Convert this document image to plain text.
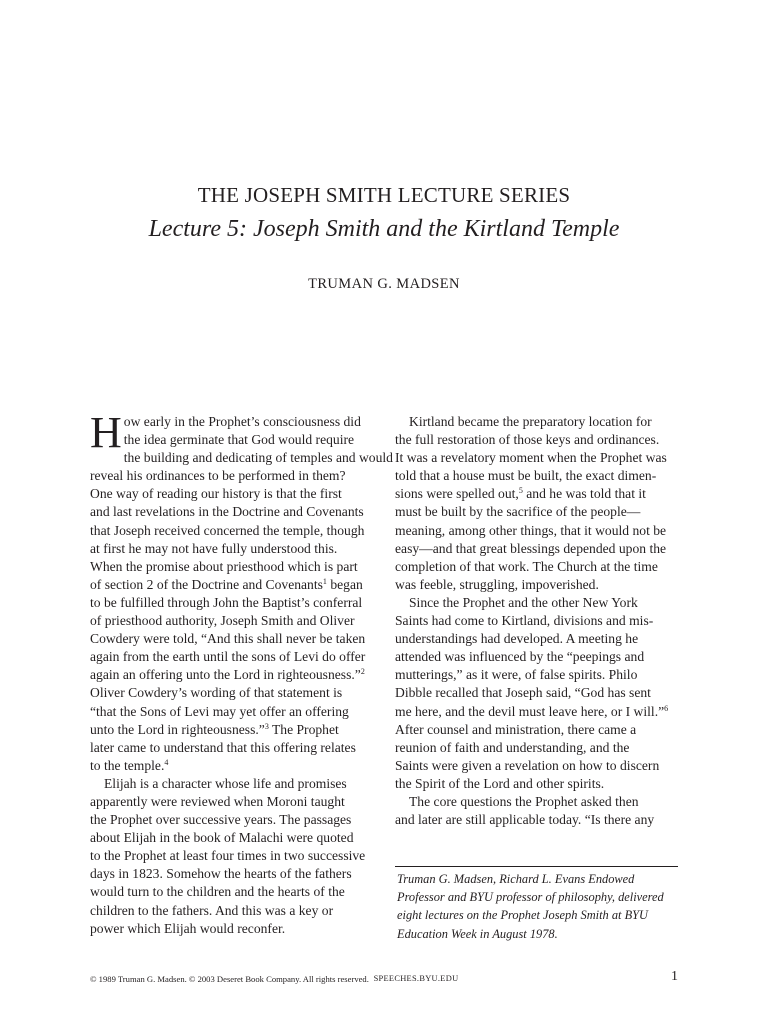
THE JOSEPH SMITH LECTURE SERIES
Lecture 5: Joseph Smith and the Kirtland Temple
TRUMAN G. MADSEN

H ow early in the Prophet’s consciousness did
the idea germinate that God would require
the building and dedicating of temples and would
reveal his ordinances to be performed in them?
One way of reading our history is that the first
and last revelations in the Doctrine and Covenants
that Joseph received concerned the temple, though
at first he may not have fully understood this.
When the promise about priesthood which is part
of section 2 of the Doctrine and Covenants$^1$ began
to be fulfilled through John the Baptist’s conferral
of priesthood authority, Joseph Smith and Oliver
Cowdery were told, “And this shall never be taken
again from the earth until the sons of Levi do offer
again an offering unto the Lord in righteousness.”$^2$
Oliver Cowdery’s wording of that statement is
“that the Sons of Levi may yet offer an offering
unto the Lord in righteousness.”$^3$ The Prophet
later came to understand that this offering relates
to the temple.$^4$

Elijah is a character whose life and promises

apparently were reviewed when Moroni taught
the Prophet over successive years. The passages
about Elijah in the book of Malachi were quoted
to the Prophet at least four times in two successive
days in 1823. Somehow the hearts of the fathers
would turn to the children and the hearts of the
children to the fathers. And this was a key or
power which Elijah would reconfer.

Kirtland became the preparatory location for

the full restoration of those keys and ordinances.
It was a revelatory moment when the Prophet was
told that a house must be built, the exact dimen-
sions were spelled out,$^5$ and he was told that it
must be built by the sacrifice of the people—
meaning, among other things, that it would not be
easy—and that great blessings depended upon the
completion of that work. The Church at the time
was feeble, struggling, impoverished.

Since the Prophet and the other New York

Saints had come to Kirtland, divisions and mis-
understandings had developed. A meeting he
attended was influenced by the “peepings and
mutterings,” as it were, of false spirits. Philo
Dibble recalled that Joseph said, “God has sent
me here, and the devil must leave here, or I will.”$^6$
After counsel and ministration, there came a
reunion of faith and understanding, and the
Saints were given a revelation on how to discern
the Spirit of the Lord and other spirits.

The core questions the Prophet asked then

and later are still applicable today. “Is there any

Truman G. Madsen, Richard L. Evans Endowed
Professor and BYU professor of philosophy, delivered
eight lectures on the Prophet Joseph Smith at BYU
Education Week in August 1978.
© 1989 Truman G. Madsen. © 2003 Deseret Book Company. All rights reserved. SPEECHES.BYU.EDU	1
